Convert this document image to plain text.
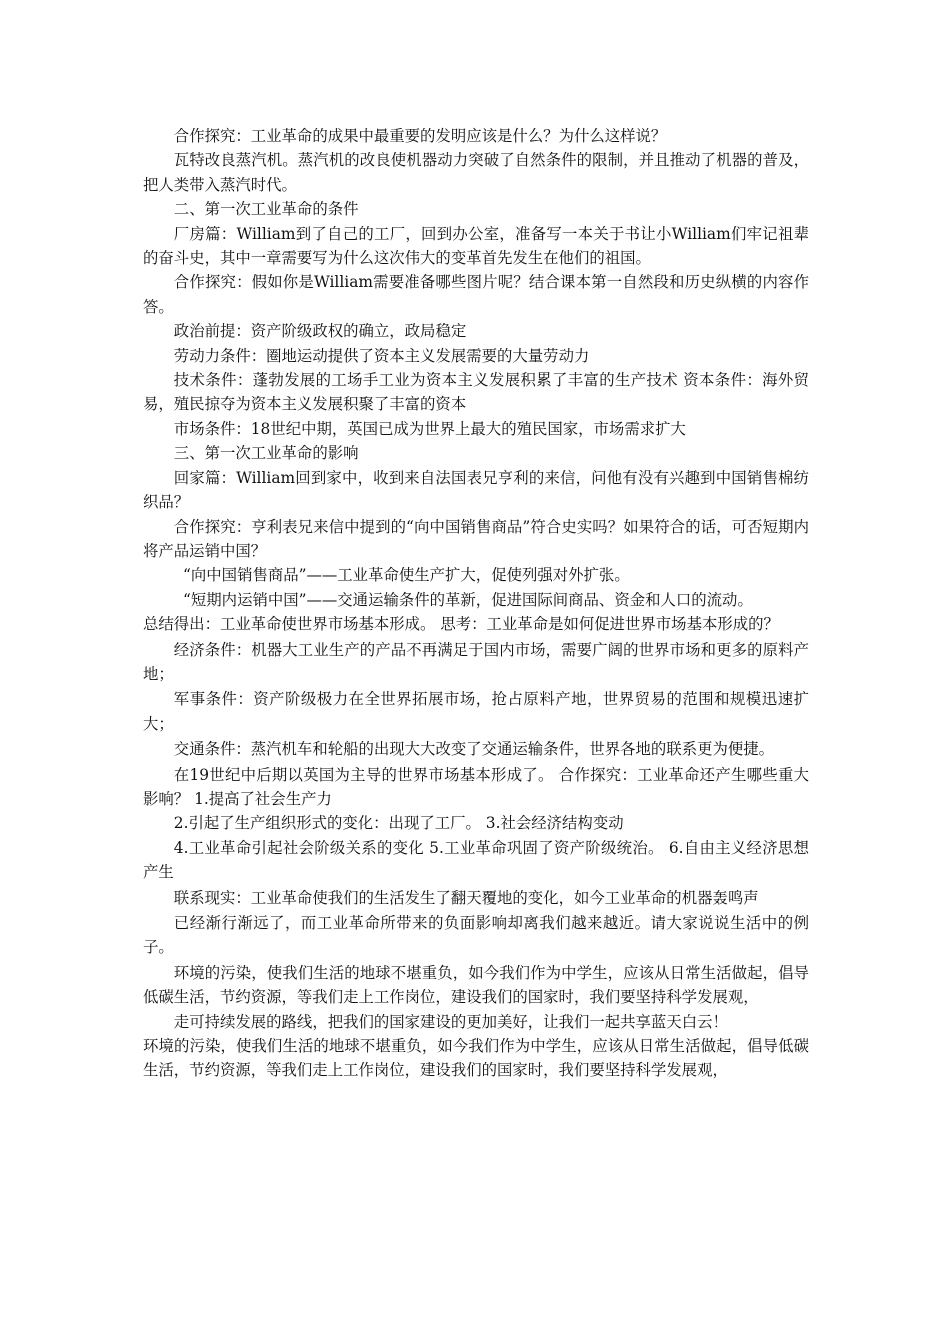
合作探究：工业革命的成果中最重要的发明应该是什么？为什么这样说？

瓦特改良蒸汽机。蒸汽机的改良使机器动力突破了自然条件的限制，并且推动了机器的普及，把人类带入蒸汽时代。

二、第一次工业革命的条件

厂房篇：William到了自己的工厂，回到办公室，准备写一本关于书让小William们牢记祖辈的奋斗史，其中一章需要写为什么这次伟大的变革首先发生在他们的祖国。

合作探究：假如你是William需要准备哪些图片呢？结合课本第一自然段和历史纵横的内容作答。

政治前提：资产阶级政权的确立，政局稳定

劳动力条件：圈地运动提供了资本主义发展需要的大量劳动力

技术条件：蓬勃发展的工场手工业为资本主义发展积累了丰富的生产技术 资本条件：海外贸易，殖民掠夺为资本主义发展积聚了丰富的资本

市场条件：18世纪中期，英国已成为世界上最大的殖民国家，市场需求扩大

三、第一次工业革命的影响

回家篇：William回到家中，收到来自法国表兄亨利的来信，问他有没有兴趣到中国销售棉纺织品？

合作探究：亨利表兄来信中提到的“向中国销售商品”符合史实吗？如果符合的话，可否短期内将产品运销中国？

“向中国销售商品”——工业革命使生产扩大，促使列强对外扩张。

“短期内运销中国”——交通运输条件的革新，促进国际间商品、资金和人口的流动。

总结得出：工业革命使世界市场基本形成。 思考：工业革命是如何促进世界市场基本形成的？

经济条件：机器大工业生产的产品不再满足于国内市场，需要广阔的世界市场和更多的原料产地；

军事条件：资产阶级极力在全世界拓展市场，抢占原料产地，世界贸易的范围和规模迅速扩大；

交通条件：蒸汽机车和轮船的出现大大改变了交通运输条件，世界各地的联系更为便捷。

在19世纪中后期以英国为主导的世界市场基本形成了。 合作探究：工业革命还产生哪些重大影响？ 1.提高了社会生产力

2.引起了生产组织形式的变化：出现了工厂。 3.社会经济结构变动

4.工业革命引起社会阶级关系的变化 5.工业革命巩固了资产阶级统治。 6.自由主义经济思想产生

联系现实：工业革命使我们的生活发生了翻天覆地的变化，如今工业革命的机器轰鸣声

已经渐行渐远了，而工业革命所带来的负面影响却离我们越来越近。请大家说说生活中的例子。

环境的污染，使我们生活的地球不堪重负，如今我们作为中学生，应该从日常生活做起，倡导低碳生活，节约资源，等我们走上工作岗位，建设我们的国家时，我们要坚持科学发展观，

走可持续发展的路线，把我们的国家建设的更加美好，让我们一起共享蓝天白云！

环境的污染，使我们生活的地球不堪重负，如今我们作为中学生，应该从日常生活做起，倡导低碳生活，节约资源，等我们走上工作岗位，建设我们的国家时，我们要坚持科学发展观，
